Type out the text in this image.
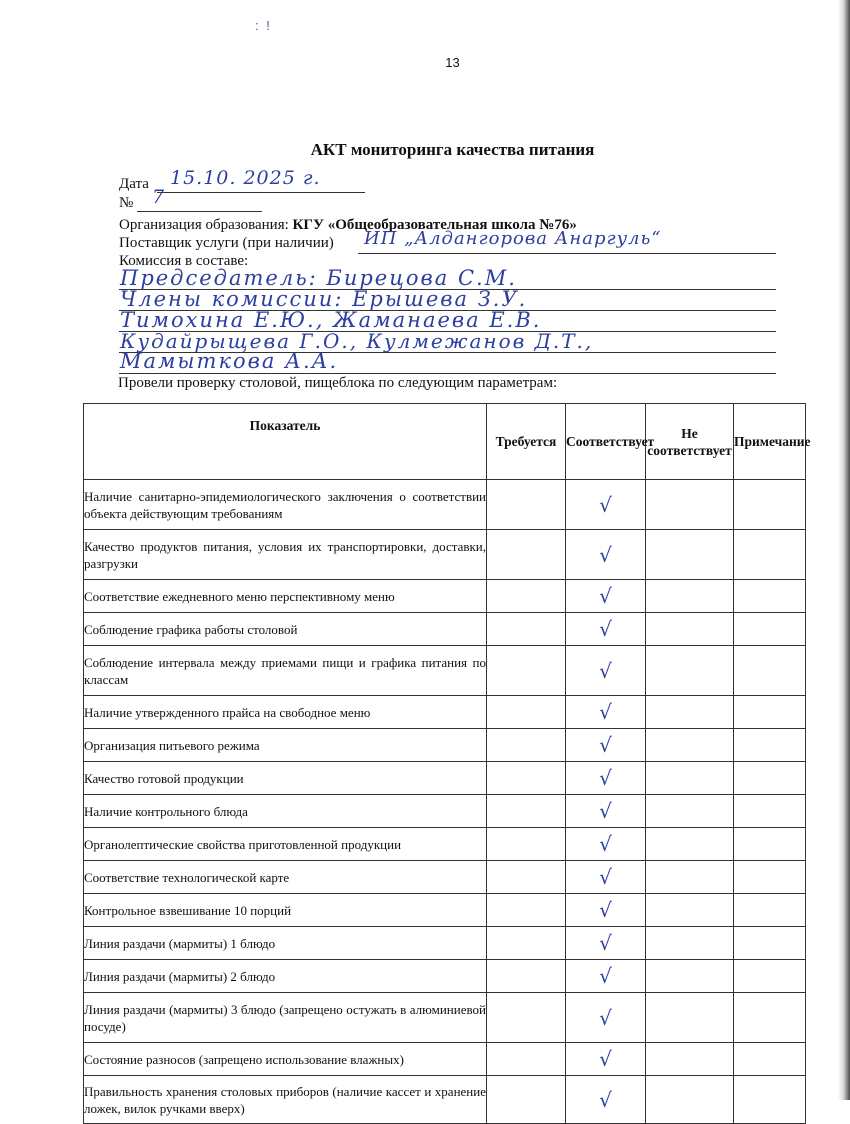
: !
13
АКТ мониторинга качества питания
Дата 15.10. 2025 г.
№ 7
Организация образования: КГУ «Общеобразовательная школа №76»
Поставщик услуги (при наличии) ИП „Алдангорова Анаргуль“
Комиссия в составе:
Председатель: Бирецова С.М.
Члены комиссии: Ерышева З.У.
Тимохина Е.Ю., Жаманаева Е.В.
Кудайрыщева Г.О., Кулмежанов Д.Т.,
Мамыткова А.А.
Провели проверку столовой, пищеблока по следующим параметрам:
Показатель	Требуется	Соответствует	Не соответствует	Примечание
Наличие санитарно-эпидемиологического заключения о соответствии объекта действующим требованиям		√		
Качество продуктов питания, условия их транспортировки, доставки, разгрузки		√		
Соответствие ежедневного меню перспективному меню		√		
Соблюдение графика работы столовой		√		
Соблюдение интервала между приемами пищи и графика питания по классам		√		
Наличие утвержденного прайса на свободное меню		√		
Организация питьевого режима		√		
Качество готовой продукции		√		
Наличие контрольного блюда		√		
Органолептические свойства приготовленной продукции		√		
Соответствие технологической карте		√		
Контрольное взвешивание 10 порций		√		
Линия раздачи (мармиты) 1 блюдо		√		
Линия раздачи (мармиты) 2 блюдо		√		
Линия раздачи (мармиты) 3 блюдо (запрещено остужать в алюминиевой посуде)		√		
Состояние разносов (запрещено использование влажных)		√		
Правильность хранения столовых приборов (наличие кассет и хранение ложек, вилок ручками вверх)		√		
